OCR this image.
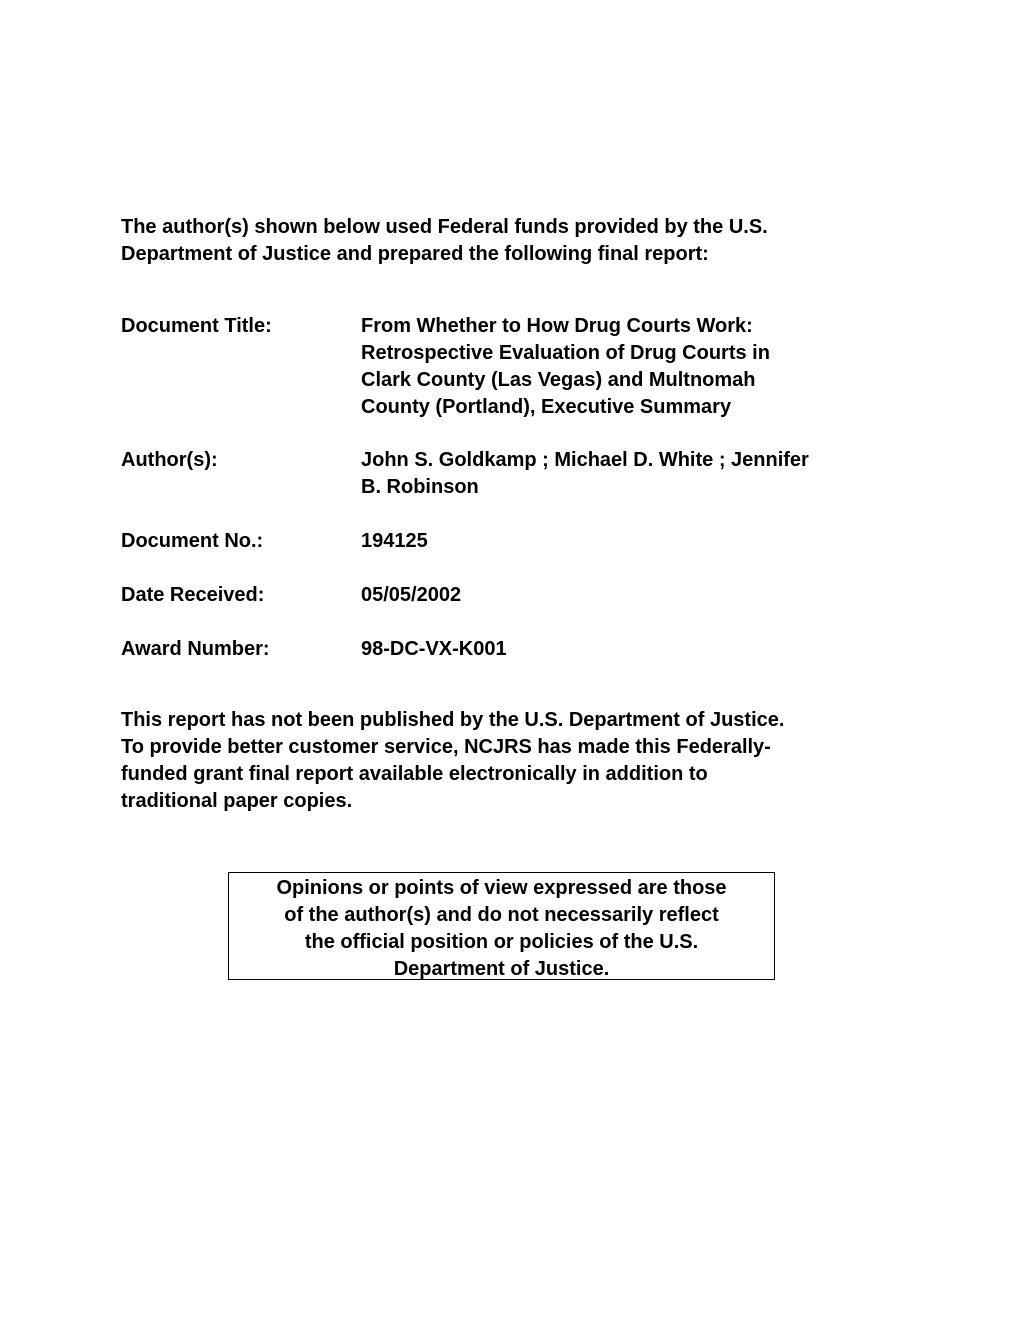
The author(s) shown below used Federal funds provided by the U.S.
Department of Justice and prepared the following final report:
Document Title:	From Whether to How Drug Courts Work:
Retrospective Evaluation of Drug Courts in
Clark County (Las Vegas) and Multnomah
County (Portland), Executive Summary
Author(s):	John S. Goldkamp ; Michael D. White ; Jennifer
B. Robinson
Document No.:	194125
Date Received:	05/05/2002
Award Number:	98-DC-VX-K001
This report has not been published by the U.S. Department of Justice.
To provide better customer service, NCJRS has made this Federally-
funded grant final report available electronically in addition to
traditional paper copies.
Opinions or points of view expressed are those
of the author(s) and do not necessarily reflect
the official position or policies of the U.S.
Department of Justice.
